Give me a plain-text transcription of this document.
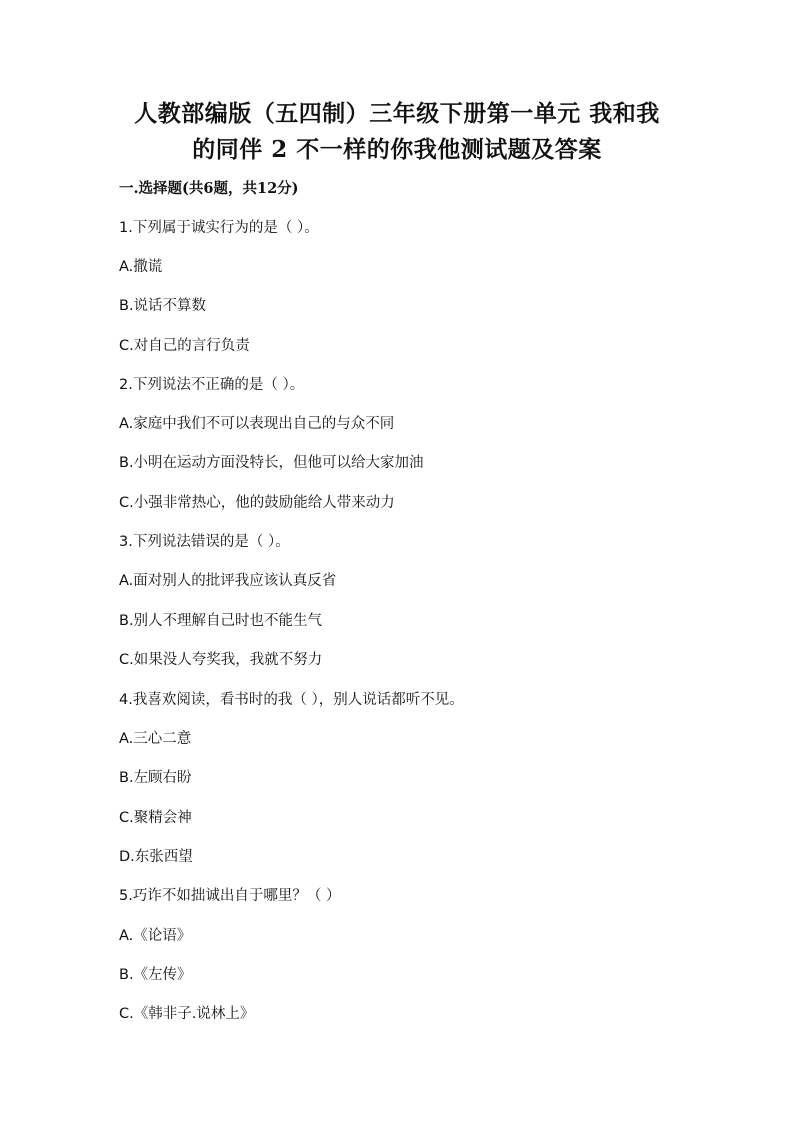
人教部编版（五四制）三年级下册第一单元 我和我
的同伴 2 不一样的你我他测试题及答案

一.选择题(共6题，共12分)

1.下列属于诚实行为的是（ ）。

A.撒谎

B.说话不算数

C.对自己的言行负责

2.下列说法不正确的是（ ）。

A.家庭中我们不可以表现出自己的与众不同

B.小明在运动方面没特长，但他可以给大家加油

C.小强非常热心，他的鼓励能给人带来动力

3.下列说法错误的是（ ）。

A.面对别人的批评我应该认真反省

B.别人不理解自己时也不能生气

C.如果没人夸奖我，我就不努力

4.我喜欢阅读，看书时的我（ ），别人说话都听不见。

A.三心二意

B.左顾右盼

C.聚精会神

D.东张西望

5.巧诈不如拙诚出自于哪里？（ ）

A.《论语》

B.《左传》

C.《韩非子.说林上》
